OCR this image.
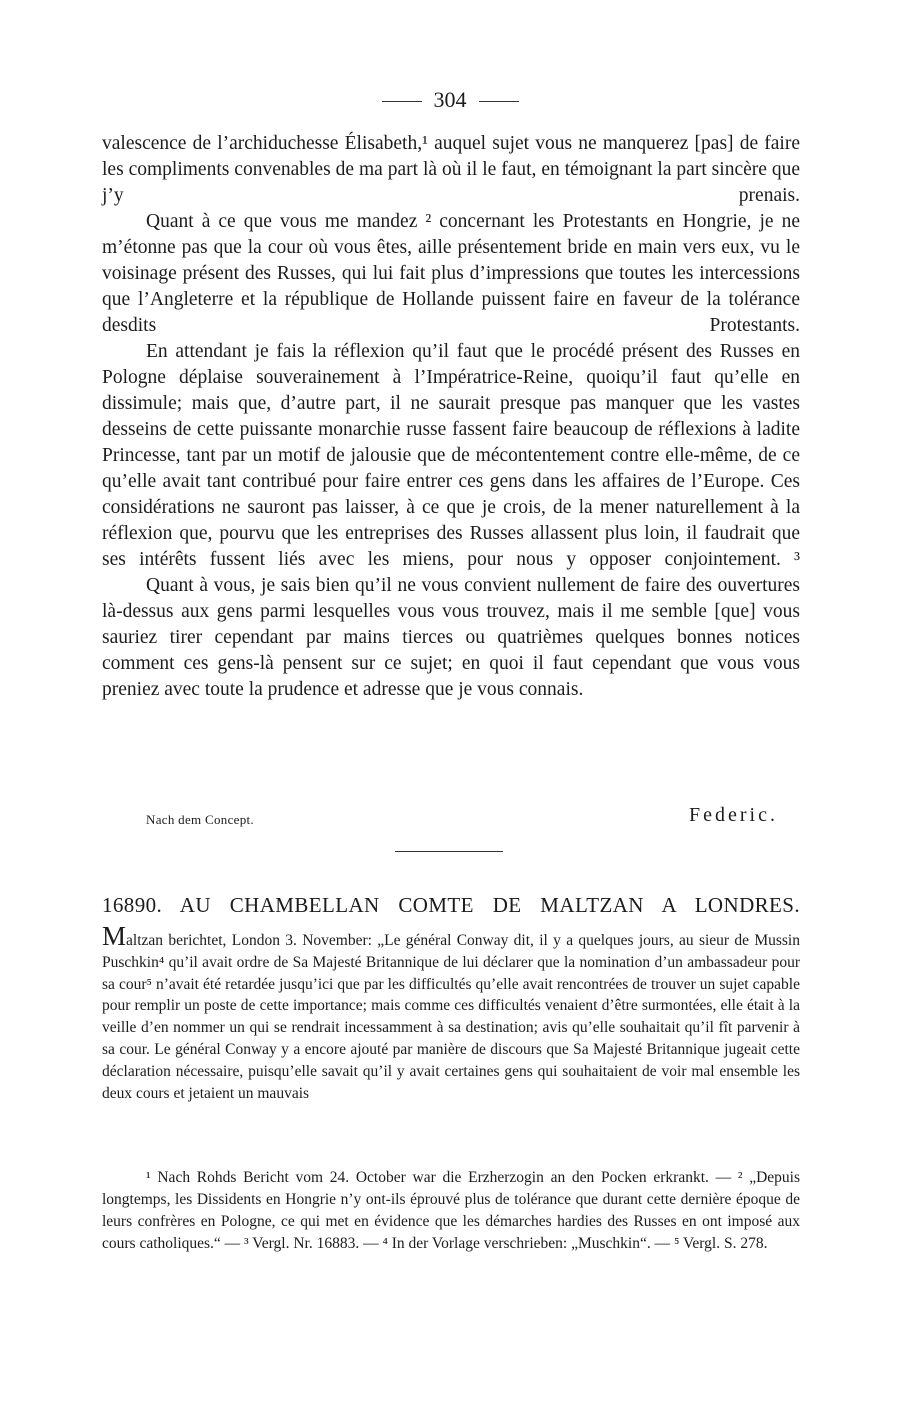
304

valescence de l’archiduchesse Élisabeth,¹ auquel sujet vous ne manquerez [pas] de faire les compliments convenables de ma part là où il le faut, en témoignant la part sincère que j’y prenais.

Quant à ce que vous me mandez ² concernant les Protestants en Hongrie, je ne m’étonne pas que la cour où vous êtes, aille présentement bride en main vers eux, vu le voisinage présent des Russes, qui lui fait plus d’impressions que toutes les intercessions que l’Angleterre et la république de Hollande puissent faire en faveur de la tolérance desdits Protestants.

En attendant je fais la réflexion qu’il faut que le procédé présent des Russes en Pologne déplaise souverainement à l’Impératrice-Reine, quoiqu’il faut qu’elle en dissimule; mais que, d’autre part, il ne saurait presque pas manquer que les vastes desseins de cette puissante monarchie russe fassent faire beaucoup de réflexions à ladite Princesse, tant par un motif de jalousie que de mécontentement contre elle-même, de ce qu’elle avait tant contribué pour faire entrer ces gens dans les affaires de l’Europe. Ces considérations ne sauront pas laisser, à ce que je crois, de la mener naturellement à la réflexion que, pourvu que les entreprises des Russes allassent plus loin, il faudrait que ses intérêts fussent liés avec les miens, pour nous y opposer conjointement. ³

Quant à vous, je sais bien qu’il ne vous convient nullement de faire des ouvertures là-dessus aux gens parmi lesquelles vous vous trouvez, mais il me semble [que] vous sauriez tirer cependant par mains tierces ou quatrièmes quelques bonnes notices comment ces gens-là pensent sur ce sujet; en quoi il faut cependant que vous vous preniez avec toute la prudence et adresse que je vous connais.

Nach dem Concept.	Federic.
16890. AU CHAMBELLAN COMTE DE MALTZAN A LONDRES.

Maltzan berichtet, London 3. November: „Le général Conway dit, il y a quelques jours, au sieur de Mussin Puschkin⁴ qu’il avait ordre de Sa Majesté Britannique de lui déclarer que la nomination d’un ambassadeur pour sa cour⁵ n’avait été retardée jusqu’ici que par les difficultés qu’elle avait rencontrées de trouver un sujet capable pour remplir un poste de cette importance; mais comme ces difficultés venaient d’être surmontées, elle était à la veille d’en nommer un qui se rendrait incessamment à sa destination; avis qu’elle souhaitait qu’il fît parvenir à sa cour. Le général Conway y a encore ajouté par manière de discours que Sa Majesté Britannique jugeait cette déclaration nécessaire, puisqu’elle savait qu’il y avait certaines gens qui souhaitaient de voir mal ensemble les deux cours et jetaient un mauvais

¹ Nach Rohds Bericht vom 24. October war die Erzherzogin an den Pocken erkrankt. — ² „Depuis longtemps, les Dissidents en Hongrie n’y ont-ils éprouvé plus de tolérance que durant cette dernière époque de leurs confrères en Pologne, ce qui met en évidence que les démarches hardies des Russes en ont imposé aux cours catholiques.“ — ³ Vergl. Nr. 16883. — ⁴ In der Vorlage verschrieben: „Muschkin“. — ⁵ Vergl. S. 278.
